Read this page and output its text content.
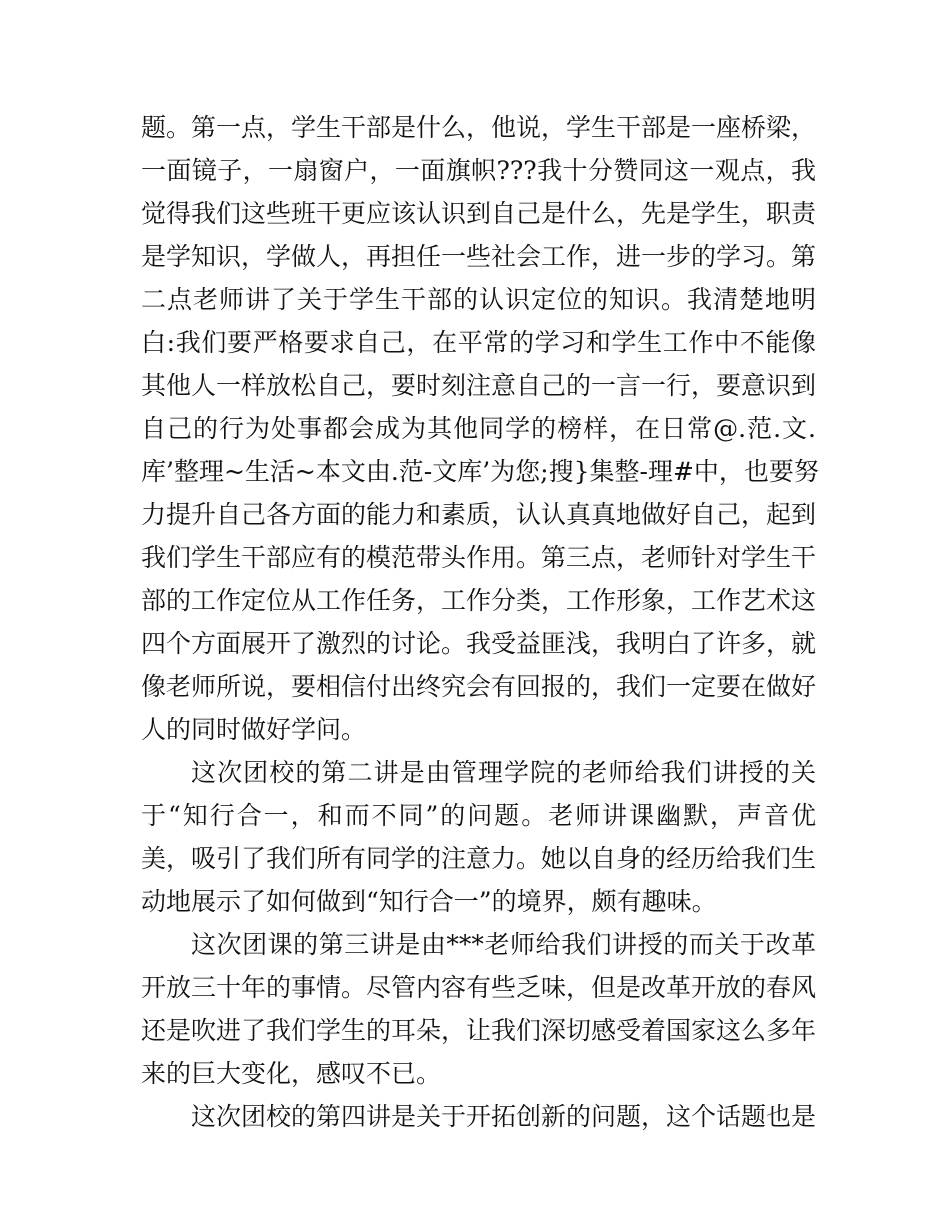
题。第一点，学生干部是什么，他说，学生干部是一座桥梁，
一面镜子，一扇窗户，一面旗帜???我十分赞同这一观点，我
觉得我们这些班干更应该认识到自己是什么，先是学生，职责
是学知识，学做人，再担任一些社会工作，进一步的学习。第
二点老师讲了关于学生干部的认识定位的知识。我清楚地明
白:我们要严格要求自己，在平常的学习和学生工作中不能像
其他人一样放松自己，要时刻注意自己的一言一行，要意识到
自己的行为处事都会成为其他同学的榜样，在日常@.范.文.
库’整理~生活~本文由.范-文库’为您;搜}集整-理#中，也要努
力提升自己各方面的能力和素质，认认真真地做好自己，起到
我们学生干部应有的模范带头作用。第三点，老师针对学生干
部的工作定位从工作任务，工作分类，工作形象，工作艺术这
四个方面展开了激烈的讨论。我受益匪浅，我明白了许多，就
像老师所说，要相信付出终究会有回报的，我们一定要在做好
人的同时做好学问。
这次团校的第二讲是由管理学院的老师给我们讲授的关
于“知行合一，和而不同”的问题。老师讲课幽默，声音优
美，吸引了我们所有同学的注意力。她以自身的经历给我们生
动地展示了如何做到“知行合一”的境界，颇有趣味。
这次团课的第三讲是由***老师给我们讲授的而关于改革
开放三十年的事情。尽管内容有些乏味，但是改革开放的春风
还是吹进了我们学生的耳朵，让我们深切感受着国家这么多年
来的巨大变化，感叹不已。
这次团校的第四讲是关于开拓创新的问题，这个话题也是
